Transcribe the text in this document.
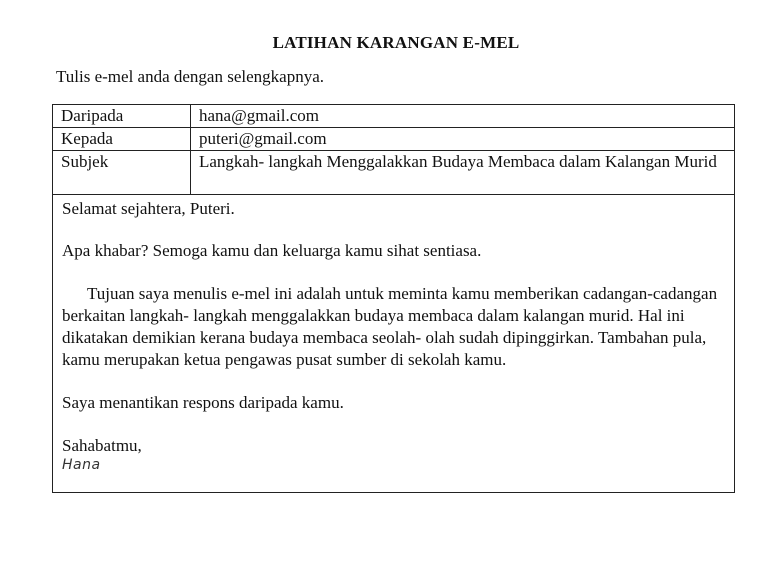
LATIHAN KARANGAN E-MEL
Tulis e-mel anda dengan selengkapnya.
Daripada	hana@gmail.com
Kepada	puteri@gmail.com
Subjek	Langkah- langkah Menggalakkan Budaya Membaca dalam Kalangan Murid

Selamat sejahtera, Puteri.

Apa khabar? Semoga kamu dan keluarga kamu sihat sentiasa.

Tujuan saya menulis e-mel ini adalah untuk meminta kamu memberikan cadangan-cadangan berkaitan langkah- langkah menggalakkan budaya membaca dalam kalangan murid. Hal ini dikatakan demikian kerana budaya membaca seolah- olah sudah dipinggirkan. Tambahan pula, kamu merupakan ketua pengawas pusat sumber di sekolah kamu.

Saya menantikan respons daripada kamu.

Sahabatmu,

Hana
